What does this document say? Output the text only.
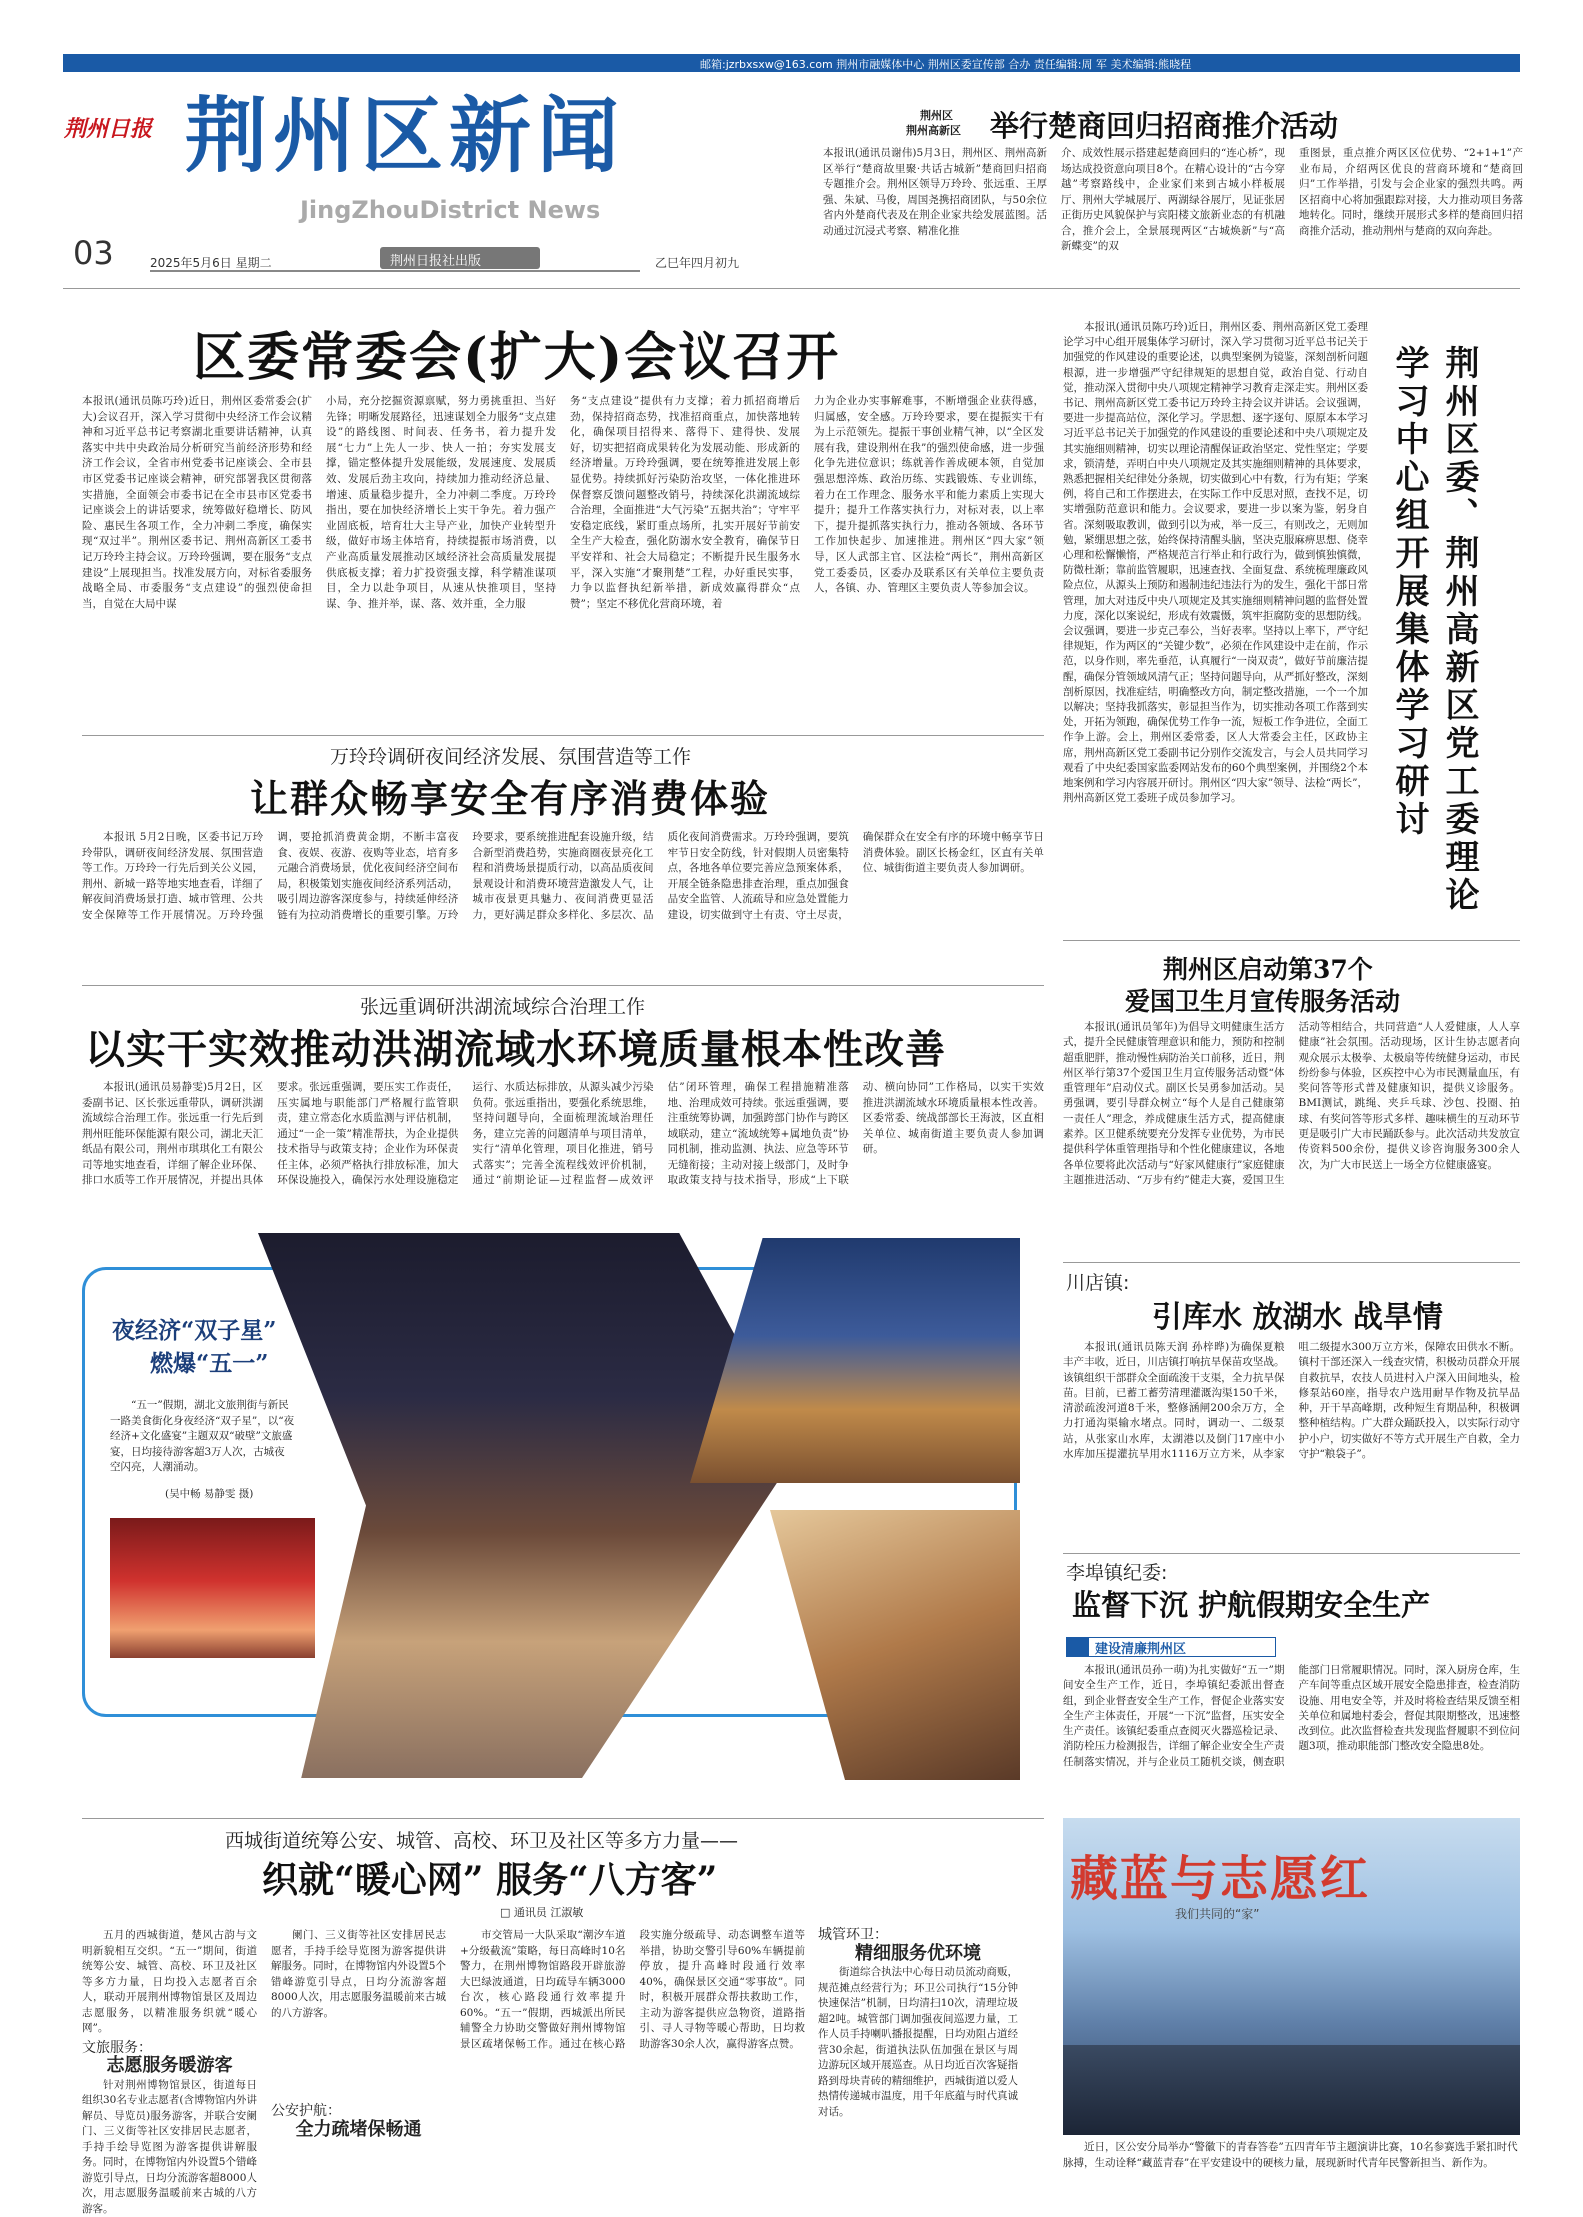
邮箱:jzrbxsxw@163.com 荆州市融媒体中心 荆州区委宣传部 合办 责任编辑:周 军 美术编辑:熊晓程
荆州日报 荆州区新闻
JingZhouDistrict News
03	2025年5月6日 星期二	荆州日报社出版	乙巳年四月初九
荆州区
荆州高新区 举行楚商回归招商推介活动
本报讯(通讯员谢伟)5月3日，荆州区、荆州高新区举行“楚商故里聚·共话古城新”楚商回归招商专题推介会。荆州区领导万玲玲、张远重、王厚强、朱斌、马俊，周国尧携招商团队，与50余位省内外楚商代表及在荆企业家共绘发展蓝图。活动通过沉浸式考察、精准化推
介、成效性展示搭建起楚商回归的“连心桥”，现场达成投资意向项目8个。在精心设计的“古今穿越”考察路线中，企业家们来到古城小样板展厅、荆州大学城展厅、两湖绿谷展厅，见证张居正街历史风貌保护与宾阳楼文旅新业态的有机融合，推介会上，全景展现两区“古城焕新”与“高新蝶变”的双
重图景，重点推介两区区位优势、“2+1+1”产业布局，介绍两区优良的营商环境和“楚商回归”工作举措，引发与会企业家的强烈共鸣。两区招商中心将加强跟踪对接，大力推动项目务落地转化。同时，继续开展形式多样的楚商回归招商推介活动，推动荆州与楚商的双向奔赴。
区委常委会(扩大)会议召开
本报讯(通讯员陈巧玲)近日，荆州区委常委会(扩大)会议召开，深入学习贯彻中央经济工作会议精神和习近平总书记考察湖北重要讲话精神，认真落实中共中央政治局分析研究当前经济形势和经济工作会议，全省市州党委书记座谈会、全市县市区党委书记座谈会精神，研究部署我区贯彻落实措施，全面领会市委书记在全市县市区党委书记座谈会上的讲话要求，统筹做好稳增长、防风险、惠民生各项工作，全力冲刺二季度，确保实现“双过半”。荆州区委书记、荆州高新区工委书记万玲玲主持会议。万玲玲强调，要在服务“支点建设”上展现担当。找准发展方向，对标省委服务战略全局、市委服务“支点建设”的强烈使命担当，自觉在大局中谋
小局，充分挖掘资源禀赋，努力勇挑重担、当好先锋；明晰发展路径，迅速谋划全力服务“支点建设”的路线图、时间表、任务书，着力提升发展“七力”上先人一步、快人一拍；夯实发展支撑，锚定整体提升发展能级，发展速度、发展质效、发展后劲主攻向，持续加力推动经济总量、增速、质量稳步提升，全力冲刺二季度。万玲玲指出，要在加快经济增长上实干争先。着力强产业固底板，培育壮大主导产业，加快产业转型升级，做好市场主体培育，持续提振市场消费，以产业高质量发展推动区域经济社会高质量发展提供底板支撑；着力扩投资强支撑，科学精准谋项目，全力以赴争项目，从速从快推项目，坚持谋、争、推并举，谋、落、效并重，全力服
务“支点建设”提供有力支撑；着力抓招商增后劲，保持招商态势，找准招商重点，加快落地转化，确保项目招得来、落得下、建得快、发展好，切实把招商成果转化为发展动能、形成新的经济增量。万玲玲强调，要在统筹推进发展上彰显优势。持续抓好污染防治攻坚，一体化推进环保督察反馈问题整改销号，持续深化洪湖流域综合治理，全面推进“大气污染”五据共治”；守牢平安稳定底线，紧盯重点场所，扎实开展好节前安全生产大检查，强化防溺水安全教育，确保节日平安祥和、社会大局稳定；不断提升民生服务水平，深入实施“才聚荆楚”工程，办好重民实事，力争以监督执纪新举措，新成效赢得群众“点赞”；坚定不移优化营商环境，着
力为企业办实事解难事，不断增强企业获得感，归属感，安全感。万玲玲要求，要在提振实干有为上示范领先。提振干事创业精气神，以“全区发展有我，建设荆州在我”的强烈使命感，进一步强化争先进位意识；练就善作善成硬本领，自觉加强思想淬炼、政治历练、实践锻炼、专业训练，着力在工作理念、服务水平和能力素质上实现大提升；提升工作落实执行力，对标对表，以上率下，提升提抓落实执行力，推动各领域、各环节工作加快起步、加速推进。荆州区“四大家”领导，区人武部主官、区法检“两长”，荆州高新区党工委委员，区委办及联系区有关单位主要负责人，各镇、办、管理区主要负责人等参加会议。	荆州区委、荆州高新区党工委理论学习中心组开展集体学习研讨
本报讯(通讯员陈巧玲)近日，荆州区委、荆州高新区党工委理论学习中心组开展集体学习研讨，深入学习贯彻习近平总书记关于加强党的作风建设的重要论述，以典型案例为镜鉴，深刻剖析问题根源，进一步增强严守纪律规矩的思想自觉，政治自觉、行动自觉，推动深入贯彻中央八项规定精神学习教育走深走实。荆州区委书记、荆州高新区党工委书记万玲玲主持会议并讲话。会议强调，要进一步提高站位，深化学习。学思想、逐字逐句、原原本本学习习近平总书记关于加强党的作风建设的重要论述和中央八项规定及其实施细则精神，切实以理论清醒保证政治坚定、党性坚定；学要求，锁清楚，弄明白中央八项规定及其实施细则精神的具体要求，熟悉把握相关纪律处分条规，切实做到心中有数，行为有矩；学案例，将自己和工作摆进去，在实际工作中反思对照，查找不足，切实增强防范意识和能力。会议要求，要进一步以案为鉴，躬身自省。深刻吸取教训，做到引以为戒，举一反三，有则改之，无则加勉，紧绷思想之弦，始终保持清醒头脑，坚决克服麻痹思想、侥幸心理和松懈懒惰，严格规范言行举止和行政行为，做到慎独慎微，防微杜渐；靠前监管履职，迅速查找、全面复盘、系统梳理廉政风险点位，从源头上预防和遏制违纪违法行为的发生，强化干部日常管理，加大对违反中央八项规定及其实施细则精神问题的监督处置力度，深化以案说纪，形成有效震慑，筑牢拒腐防变的思想防线。会议强调，要进一步克己奉公，当好表率。坚持以上率下，严守纪律规矩，作为两区的“关键少数”，必须在作风建设中走在前，作示范，以身作则，率先垂范，认真履行“一岗双责”，做好节前廉洁提醒，确保分管领域风清气正；坚持问题导向，从严抓好整改，深刻剖析原因，找准症结，明确整改方向，制定整改措施，一个一个加以解决；坚持我抓落实，彰显担当作为，切实推动各项工作落到实处，开拓为领跑，确保优势工作争一流，短板工作争进位，全面工作争上游。会上，荆州区委常委，区人大常委会主任，区政协主席，荆州高新区党工委副书记分别作交流发言，与会人员共同学习观看了中央纪委国家监委网站发布的60个典型案例，并围绕2个本地案例和学习内容展开研讨。荆州区“四大家”领导、法检“两长”，荆州高新区党工委班子成员参加学习。
万玲玲调研夜间经济发展、氛围营造等工作
让群众畅享安全有序消费体验
本报讯 5月2日晚，区委书记万玲玲带队，调研夜间经济发展、氛围营造等工作。万玲玲一行先后到关公义园，荆州、新城一路等地实地查看，详细了解夜间消费场景打造、城市管理、公共安全保障等工作开展情况。万玲玲强调，要抢抓消费黄金期，不断丰富夜食、夜娱、夜游、夜购等业态，培育多元融合消费场景，优化夜间经济空间布局，积极策划实施夜间经济系列活动，吸引周边游客深度参与，持续延伸经济链有为拉动消费增长的重要引擎。万玲玲要求，要系统推进配套设施升级，结合新型消费趋势，实施商圈夜景亮化工程和消费场景提质行动，以高品质夜间景观设计和消费环境营造激发人气，让城市夜景更具魅力、夜间消费更显活力，更好满足群众多样化、多层次、品质化夜间消费需求。万玲玲强调，要筑牢节日安全防线，针对假期人员密集特点，各地各单位要完善应急预案体系，开展全链条隐患排查治理，重点加强食品安全监管、人流疏导和应急处置能力建设，切实做到守土有责、守土尽责，确保群众在安全有序的环境中畅享节日消费体验。副区长杨金红，区直有关单位、城街街道主要负责人参加调研。
张远重调研洪湖流域综合治理工作
以实干实效推动洪湖流域水环境质量根本性改善
本报讯(通讯员易静雯)5月2日，区委副书记、区长张远重带队，调研洪湖流域综合治理工作。张远重一行先后到荆州旺能环保能源有限公司，湖北天汇纸品有限公司，荆州市琪琪化工有限公司等地实地查看，详细了解企业环保、排口水质等工作开展情况，并提出具体要求。张远重强调，要压实工作责任，压实属地与职能部门严格履行监管职责，建立常态化水质监测与评估机制，通过“一企一策”精准帮扶，为企业提供技术指导与政策支持；企业作为环保责任主体，必须严格执行排放标准，加大环保设施投入，确保污水处理设施稳定运行、水质达标排放，从源头减少污染负荷。张远重指出，要强化系统思维，坚持问题导向，全面梳理流域治理任务，建立完善的问题清单与项目清单，实行“清单化管理，项目化推进，销号式落实”；完善全流程线效评价机制，通过“前期论证—过程监督—成效评估”闭环管理，确保工程措施精准落地、治理成效可持续。张远重强调，要注重统筹协调，加强跨部门协作与跨区域联动，建立“流域统筹+属地负责”协同机制，推动监测、执法、应急等环节无缝衔接；主动对接上级部门，及时争取政策支持与技术指导，形成“上下联动、横向协同”工作格局，以实干实效推进洪湖流域水环境质量根本性改善。区委常委、统战部部长王海波，区直相关单位、城南街道主要负责人参加调研。
夜经济“双子星”
燃爆“五一”
“五一”假期，湖北文旅荆街与新民一路美食街化身夜经济“双子星”，以“夜经济+文化盛宴”主题双双“破壁”文旅盛宴，日均接待游客超3万人次，古城夜空闪亮，人潮涌动。
(吴中畅 易静雯 摄)
荆州区启动第37个
爱国卫生月宣传服务活动
本报讯(通讯员邹年)为倡导文明健康生活方式，提升全民健康管理意识和能力，预防和控制超重肥胖，推动慢性病防治关口前移，近日，荆州区举行第37个爱国卫生月宣传服务活动暨“体重管理年”启动仪式。副区长吴勇参加活动。吴勇强调，要引导群众树立“每个人是自己健康第一责任人”理念，养成健康生活方式，提高健康素养。区卫健系统要充分发挥专业优势，为市民提供科学体重管理指导和个性化健康建议，各地各单位要将此次活动与“好家风健康行”家庭健康主题推进活动、“万步有约”健走大赛，爱国卫生活动等相结合，共同营造“人人爱健康，人人享健康”社会氛围。活动现场，区计生协志愿者向观众展示太极拳、太极扇等传统健身运动，市民纷纷参与体验，区疾控中心为市民测量血压，有奖问答等形式普及健康知识，提供义诊服务。BMI测试，跳绳、夹乒乓球、沙包、投圈、拍球、有奖问答等形式多样、趣味横生的互动环节更是吸引广大市民踊跃参与。此次活动共发放宣传资料500余份，提供义诊咨询服务300余人次，为广大市民送上一场全方位健康盛宴。
川店镇:
引库水 放湖水 战旱情
本报讯(通讯员陈天润 孙梓晔)为确保夏粮丰产丰收，近日，川店镇打响抗旱保苗攻坚战。该镇组织干部群众全面疏浚干支渠，全力抗旱保苗。目前，已蓄工蓄劳清理灌溉沟渠150千米，清淤疏浚河道8千米，整修涵闸200余万方，全力打通沟渠输水堵点。同时，调动一、二级泵站，从张家山水库，太湖港以及倒门17座中小水库加压提灌抗旱用水1116万立方米，从李家咀二级提水300万立方米，保障农田供水不断。镇村干部还深入一线查灾情，积极动员群众开展自救抗旱，农技人员进村入户深入田间地头，检修泵站60座，指导农户选用耐旱作物及抗旱品种，开干旱高峰期，改种短生育期品种，积极调整种植结构。广大群众踊跃投入，以实际行动守护小户，切实做好不等方式开展生产自救，全力守护“粮袋子”。
李埠镇纪委:
监督下沉 护航假期安全生产
建设清廉荆州区
本报讯(通讯员孙一萌)为扎实做好“五一”期间安全生产工作，近日，李埠镇纪委派出督查组，到企业督查安全生产工作，督促企业落实安全生产主体责任，开展“一下沉”监督，压实安全生产责任。该镇纪委重点查阅灭火器巡检记录、消防栓压力检测报告，详细了解企业安全生产责任制落实情况，并与企业员工随机交谈，侧查职能部门日常履职情况。同时，深入厨房仓库，生产车间等重点区域开展安全隐患排查，检查消防设施、用电安全等，并及时将检查结果反馈至相关单位和属地村委会，督促其限期整改，迅速整改到位。此次监督检查共发现监督履职不到位问题3项，推动职能部门整改安全隐患8处。
西城街道统筹公安、城管、高校、环卫及社区等多方力量——
织就“暖心网” 服务“八方客”
□ 通讯员 江淑敏

五月的西城街道，楚风古韵与文明新貌相互交织。“五一”期间，街道统筹公安、城管、高校、环卫及社区等多方力量，日均投入志愿者百余人，联动开展荆州博物馆景区及周边志愿服务，以精准服务织就“暖心网”。

文旅服务：
志愿服务暖游客

针对荆州博物馆景区，街道每日组织30名专业志愿者(含博物馆内外讲解员、导览员)服务游客，并联合安阑门、三义街等社区安排居民志愿者，手持手绘导览图为游客提供讲解服务。同时，在博物馆内外设置5个错峰游览引导点，日均分流游客超8000人次，用志愿服务温暖前来古城的八方游客。

公安护航：
全力疏堵保畅通
阑门、三义街等社区安排居民志愿者，手持手绘导览图为游客提供讲解服务。同时，在博物馆内外设置5个错峰游览引导点，日均分流游客超8000人次，用志愿服务温暖前来古城的八方游客。
市交管局一大队采取“潮汐车道+分级截流”策略，每日高峰时10名警力，在荆州博物馆路段开辟旅游大巴绿波通道，日均疏导车辆3000台次，核心路段通行效率提升60%。“五一”假期，西城派出所民辅警全力协助交警做好荆州博物馆景区疏堵保畅工作。通过在核心路段实施分级疏导、动态调整车道等举措，协助交警引导60%车辆提前停放，提升高峰时段通行效率40%，确保景区交通“零事故”。同时，积极开展群众帮扶救助工作，主动为游客提供应急物资，道路指引、寻人寻物等暖心帮助，日均救助游客30余人次，赢得游客点赞。
城管环卫：
精细服务优环境

街道综合执法中心每日动员流动商贩，规范摊点经营行为；环卫公司执行“15分钟快速保洁”机制，日均清扫10次，清理垃圾超2吨。城管部门调加强夜间巡逻力量，工作人员手持喇叭播报提醒，日均劝阻占道经营30余起，街道执法队伍加强在景区与周边游玩区域开展巡查。从日均近百次客疑指路到母块青砖的精细维护，西城街道以爱人热情传递城市温度，用千年底蕴与时代真诚对话。

藏蓝与志愿红
我们共同的“家”
近日，区公安分局举办“警徽下的青春答卷”五四青年节主题演讲比赛，10名参赛选手紧扣时代脉搏，生动诠释“藏蓝青春”在平安建设中的硬核力量，展现新时代青年民警新担当、新作为。
